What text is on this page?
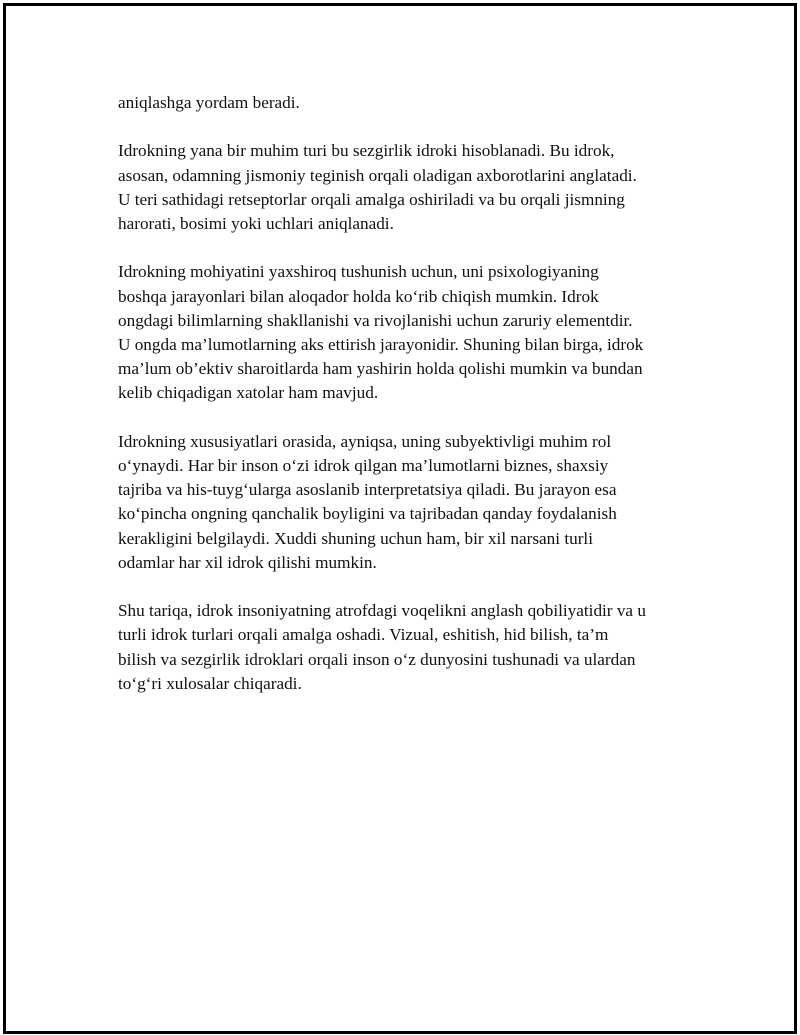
aniqlashga yordam beradi.

Idrokning yana bir muhim turi bu sezgirlik idroki hisoblanadi. Bu idrok,
asosan, odamning jismoniy teginish orqali oladigan axborotlarini anglatadi.
U teri sathidagi retseptorlar orqali amalga oshiriladi va bu orqali jismning
harorati, bosimi yoki uchlari aniqlanadi.

Idrokning mohiyatini yaxshiroq tushunish uchun, uni psixologiyaning
boshqa jarayonlari bilan aloqador holda ko‘rib chiqish mumkin. Idrok
ongdagi bilimlarning shakllanishi va rivojlanishi uchun zaruriy elementdir.
U ongda ma’lumotlarning aks ettirish jarayonidir. Shuning bilan birga, idrok
ma’lum ob’ektiv sharoitlarda ham yashirin holda qolishi mumkin va bundan
kelib chiqadigan xatolar ham mavjud.

Idrokning xususiyatlari orasida, ayniqsa, uning subyektivligi muhim rol
o‘ynaydi. Har bir inson o‘zi idrok qilgan ma’lumotlarni biznes, shaxsiy
tajriba va his-tuyg‘ularga asoslanib interpretatsiya qiladi. Bu jarayon esa
ko‘pincha ongning qanchalik boyligini va tajribadan qanday foydalanish
kerakligini belgilaydi. Xuddi shuning uchun ham, bir xil narsani turli
odamlar har xil idrok qilishi mumkin.

Shu tariqa, idrok insoniyatning atrofdagi voqelikni anglash qobiliyatidir va u
turli idrok turlari orqali amalga oshadi. Vizual, eshitish, hid bilish, ta’m
bilish va sezgirlik idroklari orqali inson o‘z dunyosini tushunadi va ulardan
to‘g‘ri xulosalar chiqaradi.
